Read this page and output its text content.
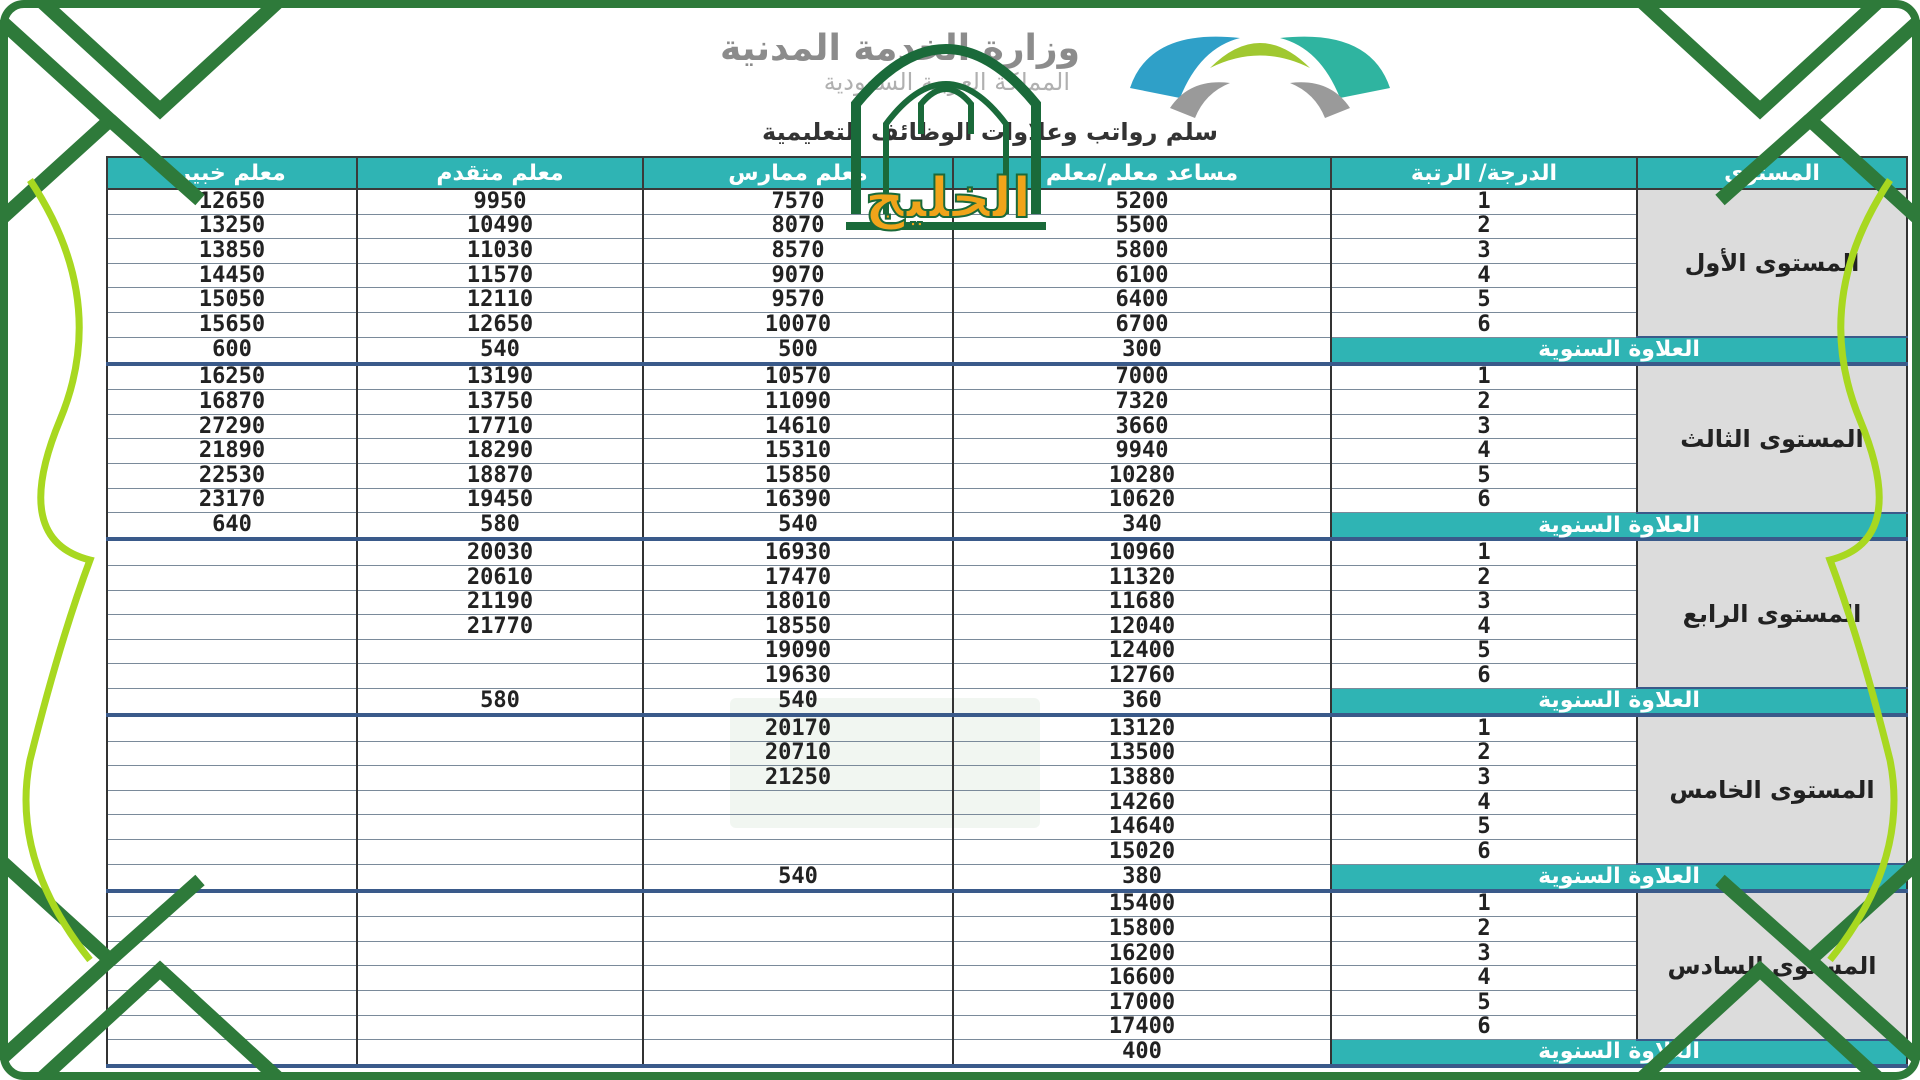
وزارة الخدمة المدنية
المملكة العربية السعودية
سلم رواتب وعلاوات الوظائف التعليمية
معلم خبير	معلم متقدم	معلم ممارس	مساعد معلم/معلم	الدرجة/ الرتبة	المستوى
12650	9950	7570	5200	1	المستوى الأول
13250	10490	8070	5500	2	
13850	11030	8570	5800	3	
14450	11570	9070	6100	4	
15050	12110	9570	6400	5	
15650	12650	10070	6700	6	
600	540	500	300	العلاوة السنوية	
16250	13190	10570	7000	1	المستوى الثالث
16870	13750	11090	7320	2	
27290	17710	14610	3660	3	
21890	18290	15310	9940	4	
22530	18870	15850	10280	5	
23170	19450	16390	10620	6	
640	580	540	340	العلاوة السنوية	
	20030	16930	10960	1	المستوى الرابع
	20610	17470	11320	2	
	21190	18010	11680	3	
	21770	18550	12040	4	
		19090	12400	5	
		19630	12760	6	
	580	540	360	العلاوة السنوية	
		20170	13120	1	المستوى الخامس
		20710	13500	2	
		21250	13880	3	
			14260	4	
			14640	5	
			15020	6	
		540	380	العلاوة السنوية	
			15400	1	المستوى السادس
			15800	2	
			16200	3	
			16600	4	
			17000	5	
			17400	6	
			400	العلاوة السنوية	
الخليج
